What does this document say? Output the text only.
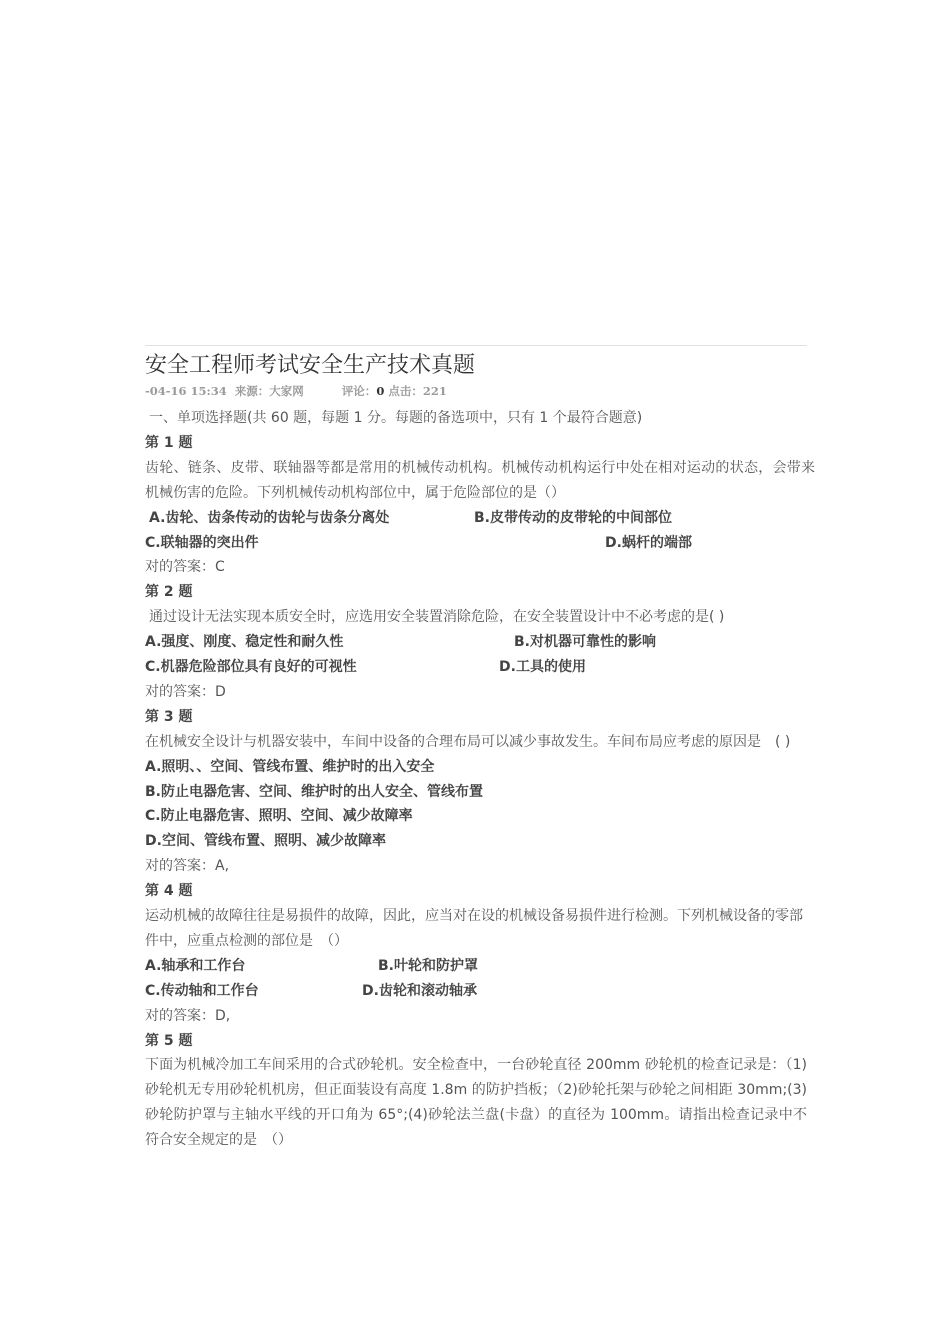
安全工程师考试安全生产技术真题
-04-16 15:34 来源：大家网	评论：0 点击：221
一、单项选择题(共 60 题，每题 1 分。每题的备选项中，只有 1 个最符合题意)
第 1 题
齿轮、链条、皮带、联轴器等都是常用的机械传动机构。机械传动机构运行中处在相对运动的状态，会带来机械伤害的危险。下列机械传动机构部位中，属于危险部位的是（）
A.齿轮、齿条传动的齿轮与齿条分离处	B.皮带传动的皮带轮的中间部位
C.联轴器的突出件	D.蜗杆的端部
对的答案：C
第 2 题
通过设计无法实现本质安全时，应选用安全装置消除危险，在安全装置设计中不必考虑的是( )
A.强度、刚度、稳定性和耐久性	B.对机器可靠性的影响
C.机器危险部位具有良好的可视性	D.工具的使用
对的答案：D
第 3 题
在机械安全设计与机器安装中，车间中设备的合理布局可以减少事故发生。车间布局应考虑的原因是　( )
A.照明、、空间、管线布置、维护时的出入安全
B.防止电器危害、空间、维护时的出人安全、管线布置
C.防止电器危害、照明、空间、减少故障率
D.空间、管线布置、照明、减少故障率
对的答案：A,
第 4 题
运动机械的故障往往是易损件的故障，因此，应当对在设的机械设备易损件进行检测。下列机械设备的零部件中，应重点检测的部位是　（）
A.轴承和工作台	B.叶轮和防护罩
C.传动轴和工作台	D.齿轮和滚动轴承
对的答案：D,
第 5 题
下面为机械冷加工车间采用的合式砂轮机。安全检查中，一台砂轮直径 200mm 砂轮机的检查记录是：（1)砂轮机无专用砂轮机机房，但正面装设有高度 1.8m 的防护挡板；（2)砂轮托架与砂轮之间相距 30mm;(3)砂轮防护罩与主轴水平线的开口角为 65°;(4)砂轮法兰盘(卡盘）的直径为 100mm。请指出检查记录中不符合安全规定的是　（）
